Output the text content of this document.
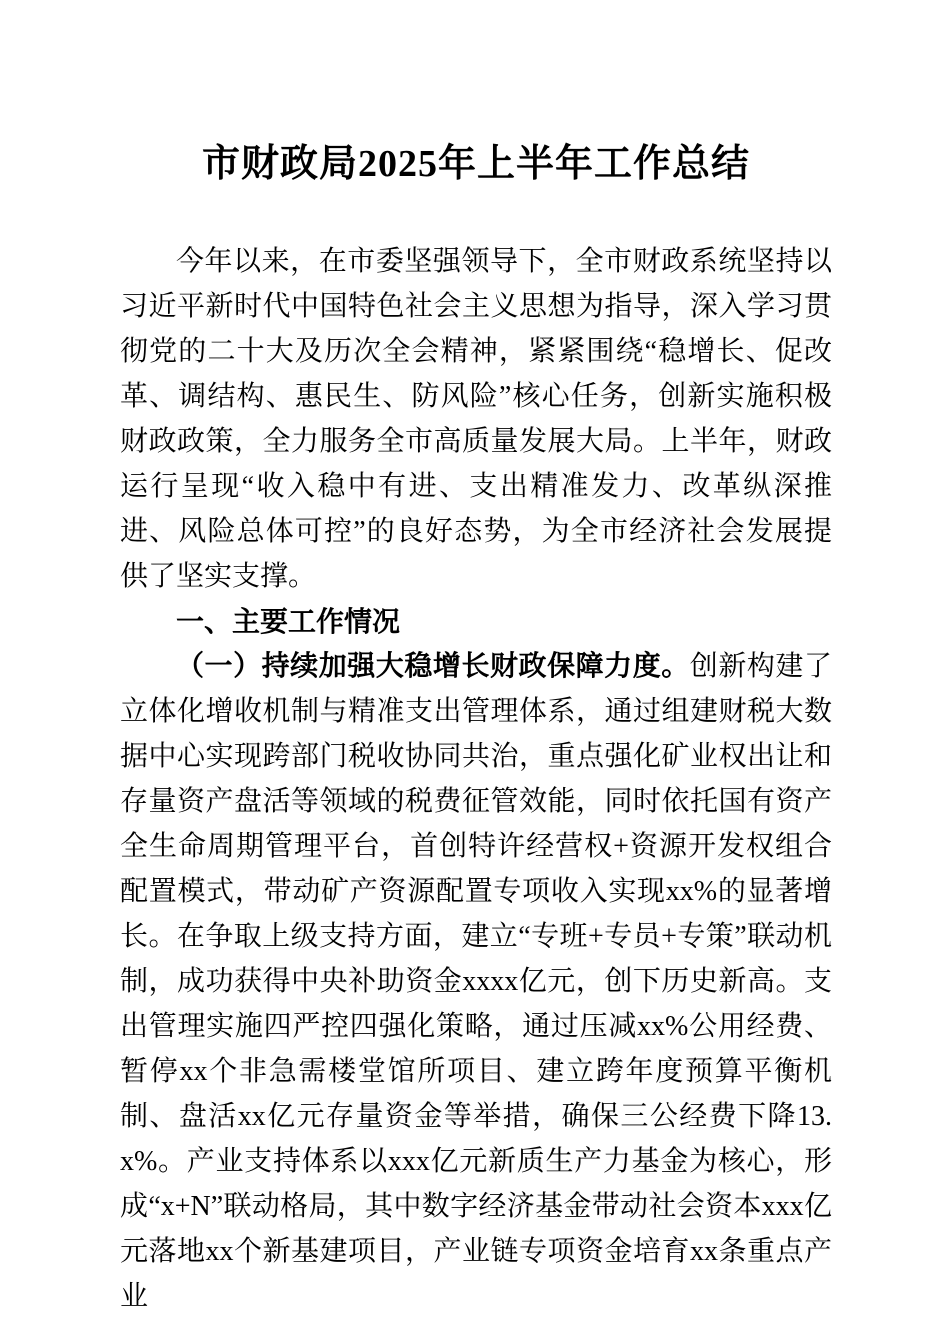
市财政局2025年上半年工作总结

今年以来，在市委坚强领导下，全市财政系统坚持以习近平新时代中国特色社会主义思想为指导，深入学习贯彻党的二十大及历次全会精神，紧紧围绕“稳增长、促改革、调结构、惠民生、防风险”核心任务，创新实施积极财政政策，全力服务全市高质量发展大局。上半年，财政运行呈现“收入稳中有进、支出精准发力、改革纵深推进、风险总体可控”的良好态势，为全市经济社会发展提供了坚实支撑。

一、主要工作情况

（一）持续加强大稳增长财政保障力度。创新构建了立体化增收机制与精准支出管理体系，通过组建财税大数据中心实现跨部门税收协同共治，重点强化矿业权出让和存量资产盘活等领域的税费征管效能，同时依托国有资产全生命周期管理平台，首创特许经营权+资源开发权组合配置模式，带动矿产资源配置专项收入实现xx%的显著增长。在争取上级支持方面，建立“专班+专员+专策”联动机制，成功获得中央补助资金xxxx亿元，创下历史新高。支出管理实施四严控四强化策略，通过压减xx%公用经费、暂停xx个非急需楼堂馆所项目、建立跨年度预算平衡机制、盘活xx亿元存量资金等举措，确保三公经费下降13.x%。产业支持体系以xxx亿元新质生产力基金为核心，形成“x+N”联动格局，其中数字经济基金带动社会资本xxx亿元落地xx个新基建项目，产业链专项资金培育xx条重点产业
